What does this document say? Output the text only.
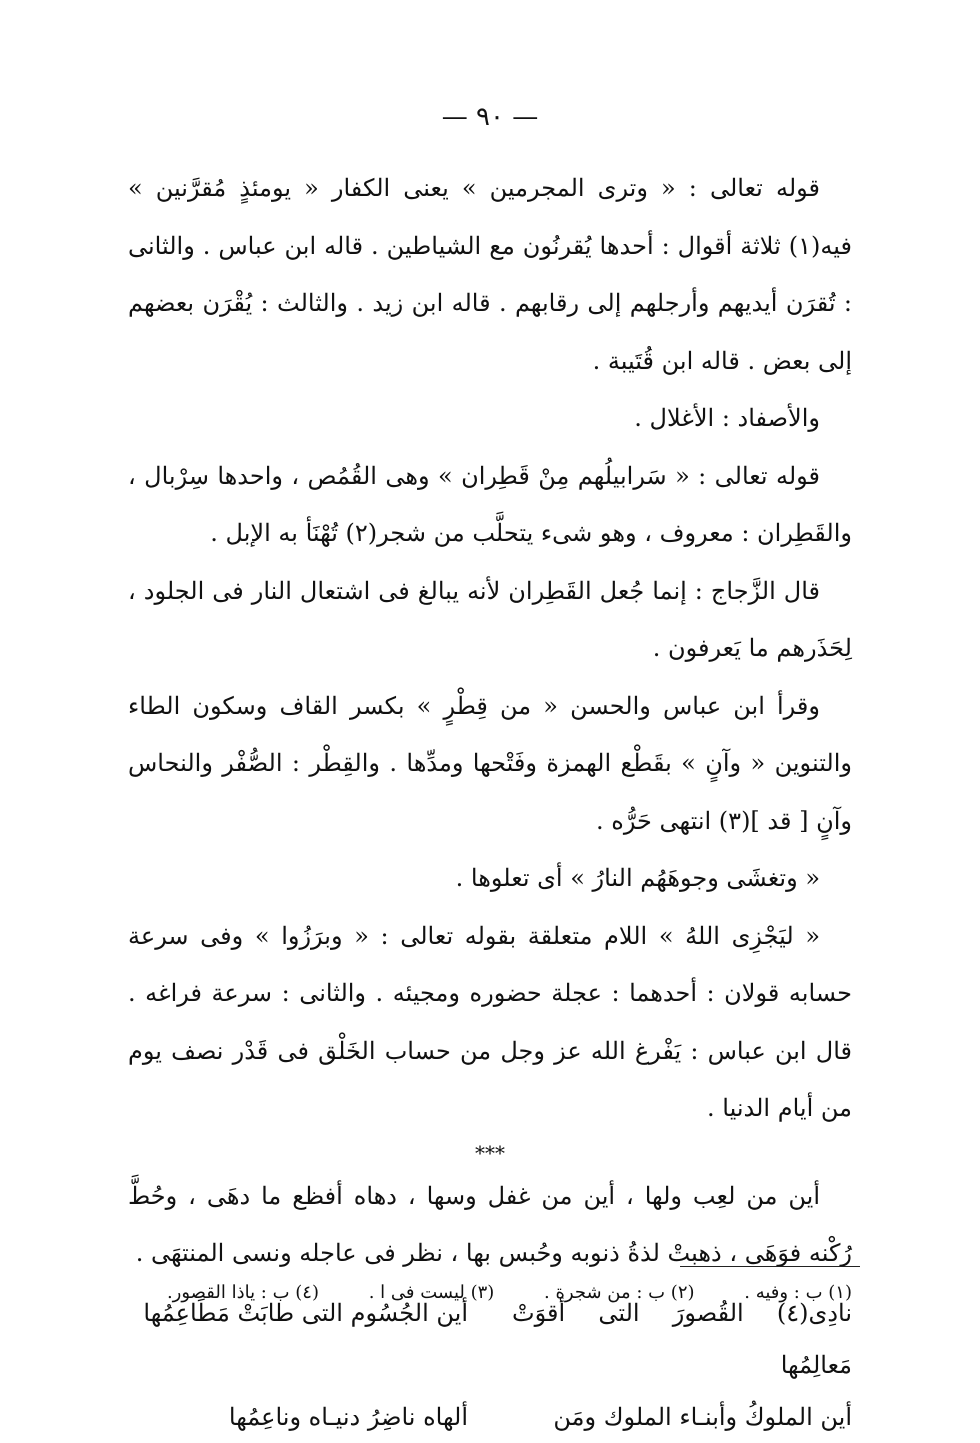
— ٩٠ —

قوله تعالى : « وترى المجرمين » يعنى الكفار « يومئذٍ مُقرَّنين » فيه(١) ثلاثة أقوال : أحدها يُقرنُون مع الشياطين . قاله ابن عباس . والثانى : تُقرَن أيديهم وأرجلهم إلى رقابهم . قاله ابن زيد . والثالث : يُقْرَن بعضهم إلى بعض . قاله ابن قُتَيبة .

والأصفاد : الأغلال .

قوله تعالى : « سَرابيلُهم مِنْ قَطِران » وهى القُمُص ، واحدها سِرْبال ، والقَطِران : معروف ، وهو شىء يتحلَّب من شجر(٢) تُهْنَأ به الإبل .

قال الزَّجاج : إنما جُعل القَطِران لأنه يبالغ فى اشتعال النار فى الجلود ، لِحَذَرهم ما يَعرفون .

وقرأ ابن عباس والحسن « من قِطْرٍ » بكسر القاف وسكون الطاء والتنوين « وآنٍ » بقَطْع الهمزة وفَتْحها ومدِّها . والقِطْر : الصُّفْر والنحاس وآنٍ [ قد ](٣) انتهى حَرُّه .

« وتغشَى وجوهَهُم النارُ » أى تعلوها .

« ليَجْزِى اللهُ » اللام متعلقة بقوله تعالى : « وبرَزُوا » وفى سرعة حسابه قولان : أحدهما : عجلة حضوره ومجيئه . والثانى : سرعة فراغه . قال ابن عباس : يَفْرغ الله عز وجل من حساب الخَلْق فى قَدْر نصف يوم من أيام الدنيا .

***

أين من لعِب ولها ، أين من غفل وسها ، دهاه أفظع ما دهَى ، وحُطَّ رُكْنه فوَهَى ، ذهبتْ لذةُ ذنوبه وحُبس بها ، نظر فى عاجله ونسى المنتهَى .

نادِى(٤) القُصورَ التى أقوَتْ مَعالِمُها
أين الجُسُوم التى طابَتْ مَطَاعِمُها
أين الملوكُ وأبنـاء الملوك ومَن
ألهاه ناضِرُ دنيـاه وناعِمُها
(١) ب : وفيه . (٢) ب : من شجرة . (٣) ليست فى ا . (٤) ب : ياذا القصور.
